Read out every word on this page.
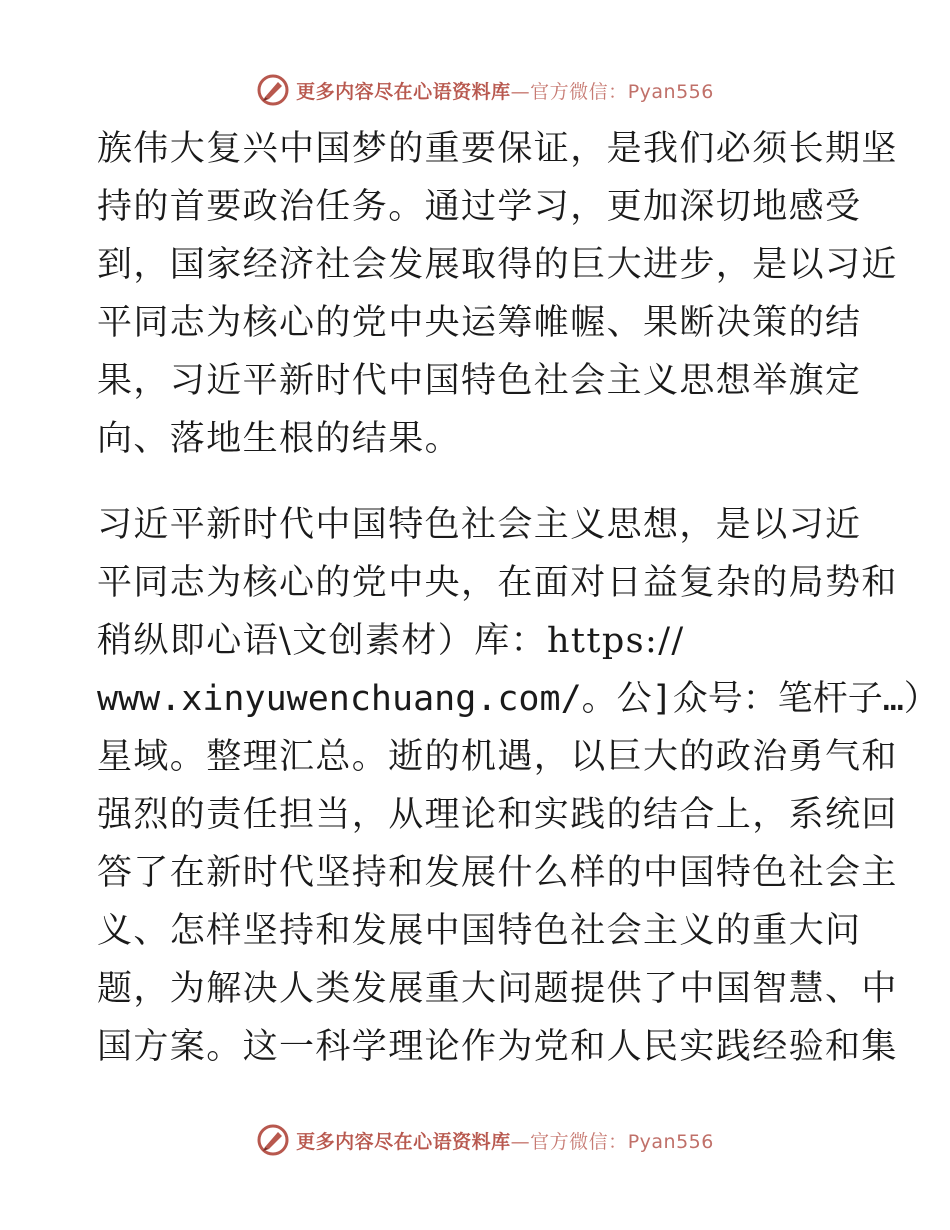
更多内容尽在心语资料库—官方微信：Pyan556
族伟大复兴中国梦的重要保证，是我们必须长期坚
持的首要政治任务。通过学习，更加深切地感受
到，国家经济社会发展取得的巨大进步，是以习近
平同志为核心的党中央运筹帷幄、果断决策的结
果，习近平新时代中国特色社会主义思想举旗定
向、落地生根的结果。
习近平新时代中国特色社会主义思想，是以习近
平同志为核心的党中央，在面对日益复杂的局势和
稍纵即心语\文创素材）库：https://
www.xinyuwenchuang.com/。公]众号：笔杆子…）
星域。整理汇总。逝的机遇，以巨大的政治勇气和
强烈的责任担当，从理论和实践的结合上，系统回
答了在新时代坚持和发展什么样的中国特色社会主
义、怎样坚持和发展中国特色社会主义的重大问
题，为解决人类发展重大问题提供了中国智慧、中
国方案。这一科学理论作为党和人民实践经验和集
更多内容尽在心语资料库—官方微信：Pyan556
